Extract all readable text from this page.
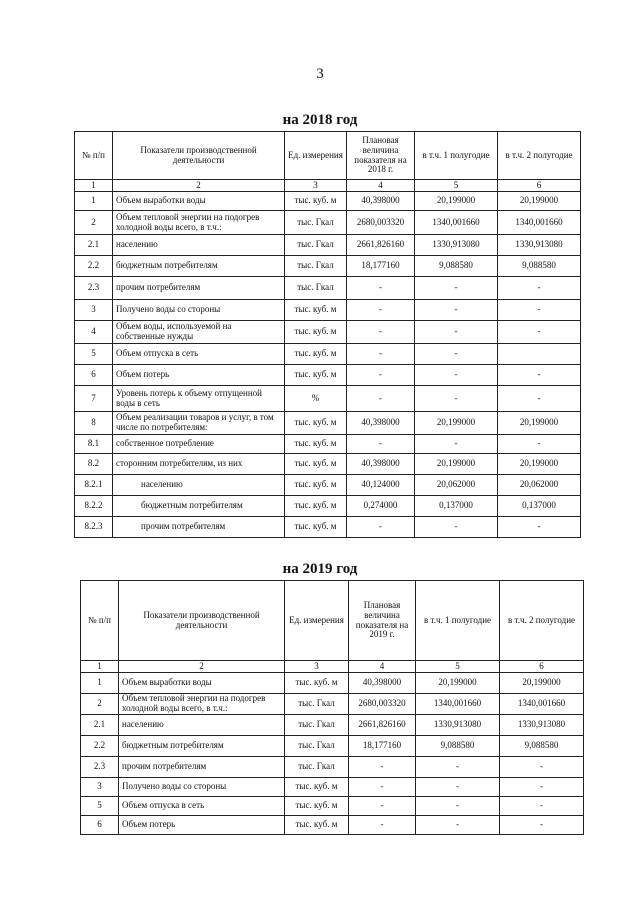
3
на 2018 год
№ п/п	Показатели производственной деятельности	Ед. измерения	Плановая величина показателя на 2018 г.	в т.ч. 1 полугодие	в т.ч. 2 полугодие
1	2	3	4	5	6
1	Объем выработки воды	тыс. куб. м	40,398000	20,199000	20,199000
2	Объем тепловой энергии на подогрев холодной воды всего, в т.ч.:	тыс. Гкал	2680,003320	1340,001660	1340,001660
2.1	населению	тыс. Гкал	2661,826160	1330,913080	1330,913080
2.2	бюджетным потребителям	тыс. Гкал	18,177160	9,088580	9,088580
2.3	прочим потребителям	тыс. Гкал	-	-	-
3	Получено воды со стороны	тыс. куб. м	-	-	-
4	Объем воды, используемой на собственные нужды	тыс. куб. м	-	-	-
5	Объем отпуска в сеть	тыс. куб. м	-	-	
6	Объем потерь	тыс. куб. м	-	-	-
7	Уровень потерь к объему отпущенной воды в сеть	%	-	-	-
8	Объем реализации товаров и услуг, в том числе по потребителям:	тыс. куб. м	40,398000	20,199000	20,199000
8.1	собственное потребление	тыс. куб. м	-	-	-
8.2	сторонним потребителям, из них	тыс. куб. м	40,398000	20,199000	20,199000
8.2.1	населению	тыс. куб. м	40,124000	20,062000	20,062000
8.2.2	бюджетным потребителям	тыс. куб. м	0,274000	0,137000	0,137000
8.2.3	прочим потребителям	тыс. куб. м	-	-	-
на 2019 год
№ п/п	Показатели производственной деятельности	Ед. измерения	Плановая величина показателя на 2019 г.	в т.ч. 1 полугодие	в т.ч. 2 полугодие
1	2	3	4	5	6
1	Объем выработки воды	тыс. куб. м	40,398000	20,199000	20,199000
2	Объем тепловой энергии на подогрев холодной воды всего, в т.ч.:	тыс. Гкал	2680,003320	1340,001660	1340,001660
2.1	населению	тыс. Гкал	2661,826160	1330,913080	1330,913080
2.2	бюджетным потребителям	тыс. Гкал	18,177160	9,088580	9,088580
2.3	прочим потребителям	тыс. Гкал	-	-	-
3	Получено воды со стороны	тыс. куб. м	-	-	-
5	Объем отпуска в сеть	тыс. куб. м	-	-	-
6	Объем потерь	тыс. куб. м	-	-	-
